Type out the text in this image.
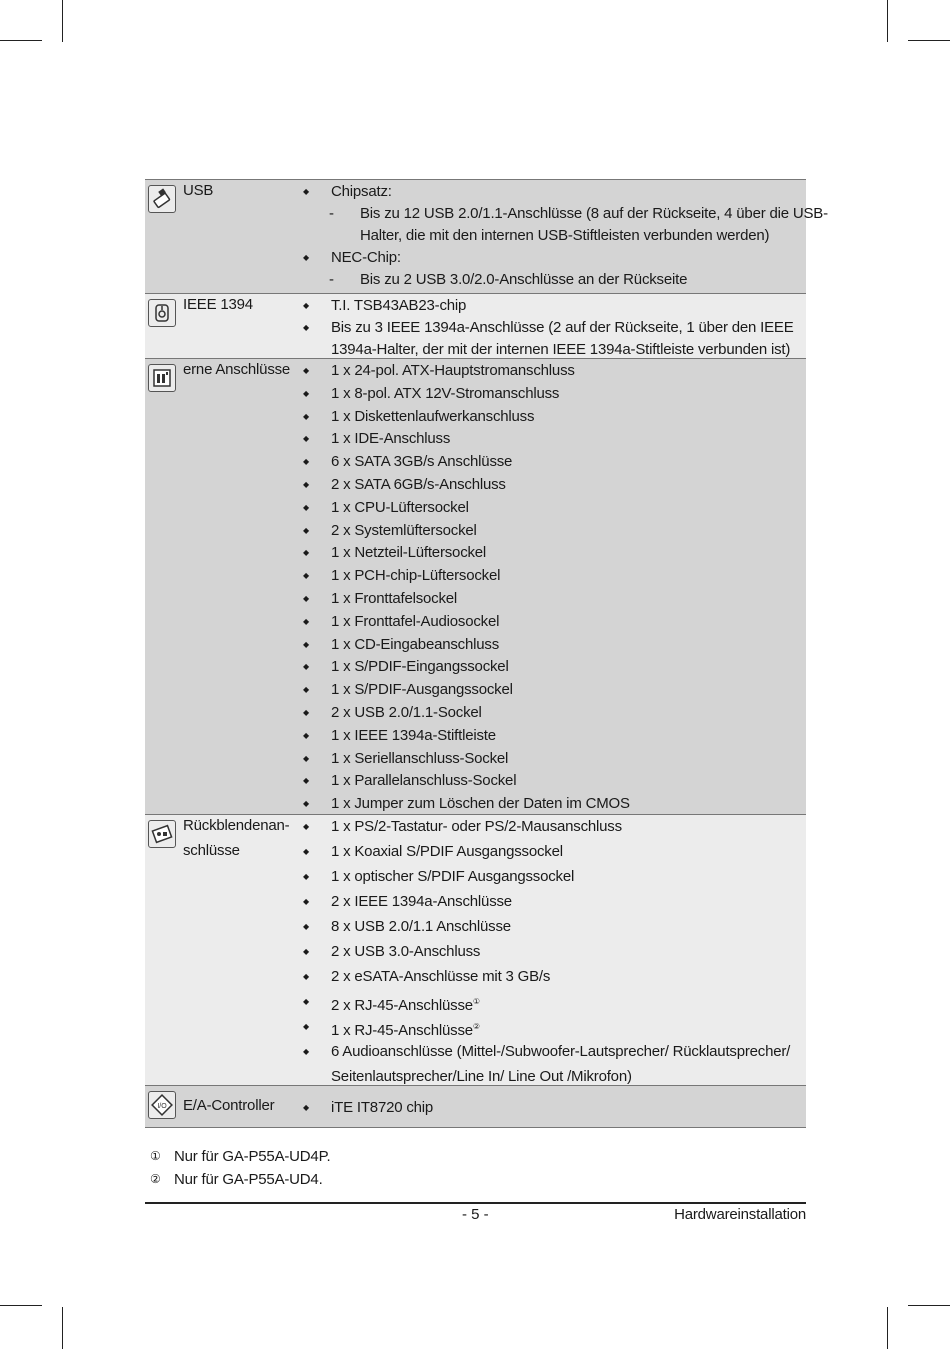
USB	◆ Chipsatz:
- Bis zu 12 USB 2.0/1.1-Anschlüsse (8 auf der Rückseite, 4 über die USB-
Halter, die mit den internen USB-Stiftleisten verbunden werden)
◆ NEC-Chip:
- Bis zu 2 USB 3.0/2.0-Anschlüsse an der Rückseite
IEEE 1394	◆ T.I. TSB43AB23-chip
◆ Bis zu 3 IEEE 1394a-Anschlüsse (2 auf der Rückseite, 1 über den IEEE
1394a-Halter, der mit der internen IEEE 1394a-Stiftleiste verbunden ist)
erne Anschlüsse	◆ 1 x 24-pol. ATX-Hauptstromanschluss
◆ 1 x 8-pol. ATX 12V-Stromanschluss
◆ 1 x Diskettenlaufwerkanschluss
◆ 1 x IDE-Anschluss
◆ 6 x SATA 3GB/s Anschlüsse
◆ 2 x SATA 6GB/s-Anschluss
◆ 1 x CPU-Lüftersockel
◆ 2 x Systemlüftersockel
◆ 1 x Netzteil-Lüftersockel
◆ 1 x PCH-chip-Lüftersockel
◆ 1 x Fronttafelsockel
◆ 1 x Fronttafel-Audiosockel
◆ 1 x CD-Eingabeanschluss
◆ 1 x S/PDIF-Eingangssockel
◆ 1 x S/PDIF-Ausgangssockel
◆ 2 x USB 2.0/1.1-Sockel
◆ 1 x IEEE 1394a-Stiftleiste
◆ 1 x Seriellanschluss-Sockel
◆ 1 x Parallelanschluss-Sockel
◆ 1 x Jumper zum Löschen der Daten im CMOS
Rückblendenan-
schlüsse
◆ 1 x PS/2-Tastatur- oder PS/2-Mausanschluss
◆ 1 x Koaxial S/PDIF Ausgangssockel
◆ 1 x optischer S/PDIF Ausgangssockel
◆ 2 x IEEE 1394a-Anschlüsse
◆ 8 x USB 2.0/1.1 Anschlüsse
◆ 2 x USB 3.0-Anschluss
◆ 2 x eSATA-Anschlüsse mit 3 GB/s
◆ 2 x RJ-45-Anschlüsse①
◆ 1 x RJ-45-Anschlüsse②
◆ 6 Audioanschlüsse (Mittel-/Subwoofer-Lautsprecher/ Rücklautsprecher/
Seitenlautsprecher/Line In/ Line Out /Mikrofon)
I/O E/A-Controller	◆ iTE IT8720 chip
① Nur für GA-P55A-UD4P.
② Nur für GA-P55A-UD4.
- 5 -	Hardwareinstallation
